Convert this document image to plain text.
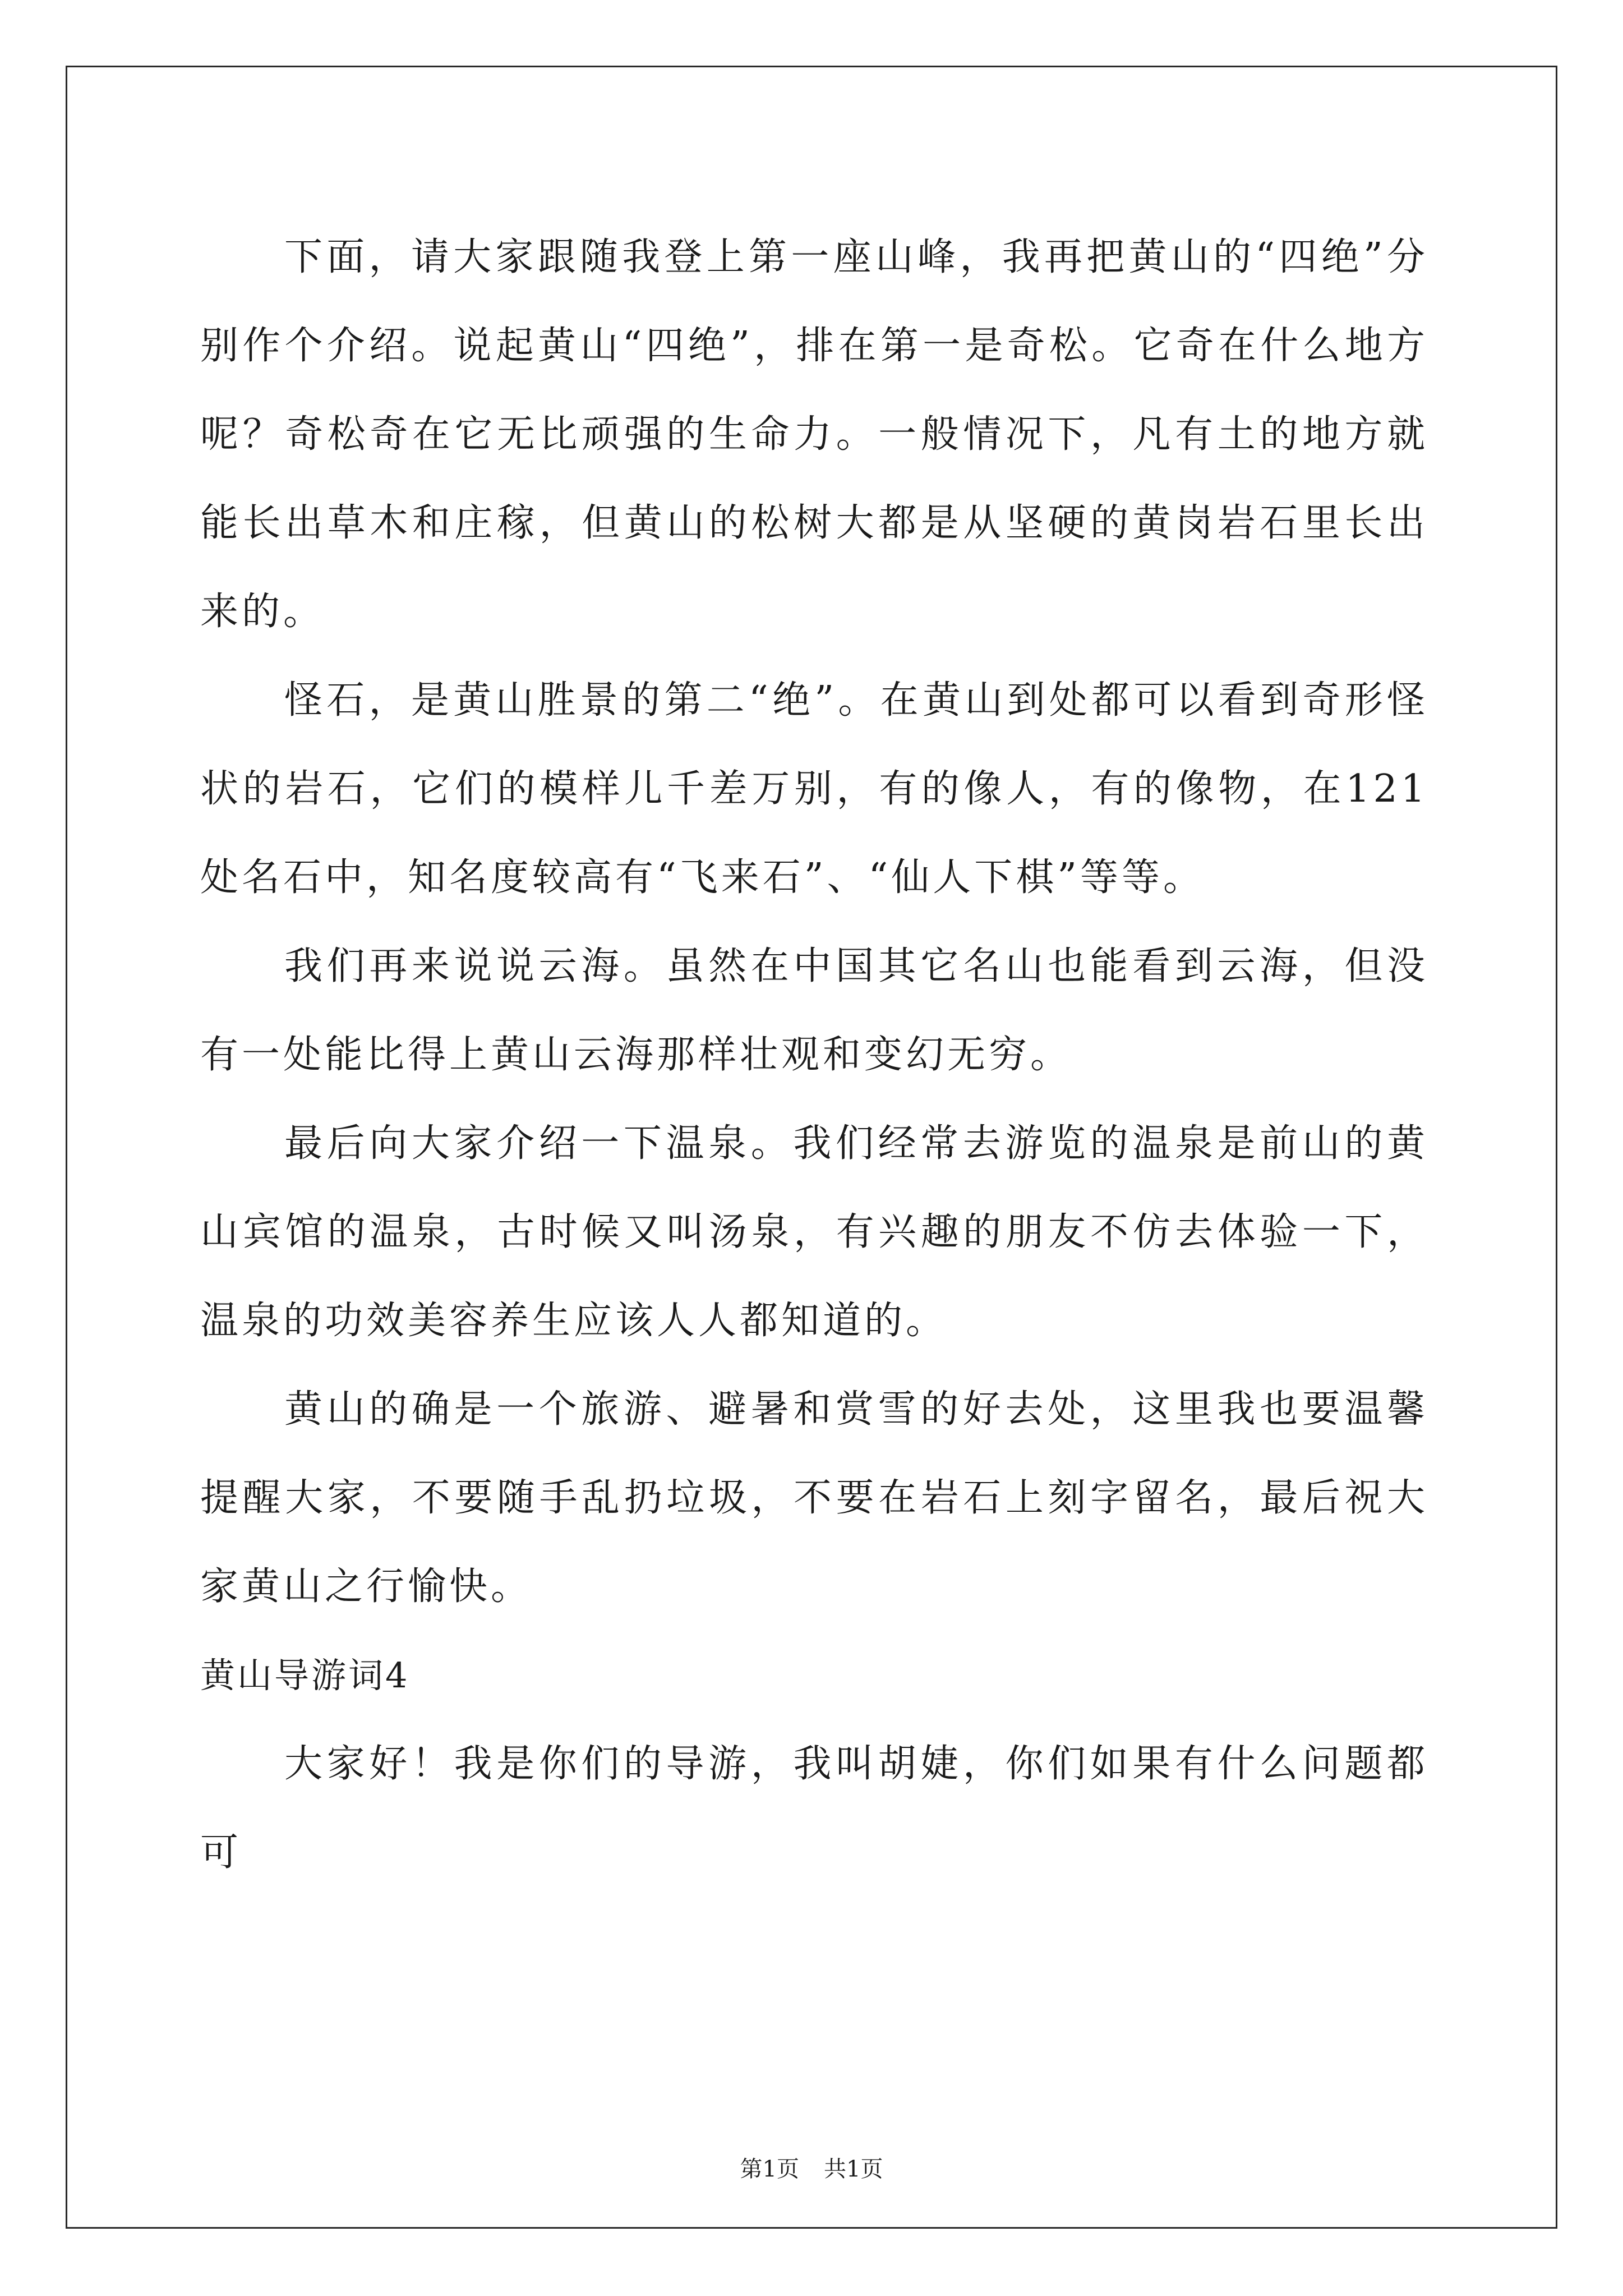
下面，请大家跟随我登上第一座山峰，我再把黄山的“四绝”分别作个介绍。说起黄山“四绝”，排在第一是奇松。它奇在什么地方呢？奇松奇在它无比顽强的生命力。一般情况下，凡有土的地方就能长出草木和庄稼，但黄山的松树大都是从坚硬的黄岗岩石里长出来的。

怪石，是黄山胜景的第二“绝”。在黄山到处都可以看到奇形怪状的岩石，它们的模样儿千差万别，有的像人，有的像物，在121处名石中，知名度较高有“飞来石”、“仙人下棋”等等。

我们再来说说云海。虽然在中国其它名山也能看到云海，但没有一处能比得上黄山云海那样壮观和变幻无穷。

最后向大家介绍一下温泉。我们经常去游览的温泉是前山的黄山宾馆的温泉，古时候又叫汤泉，有兴趣的朋友不仿去体验一下，温泉的功效美容养生应该人人都知道的。

黄山的确是一个旅游、避暑和赏雪的好去处，这里我也要温馨提醒大家，不要随手乱扔垃圾，不要在岩石上刻字留名，最后祝大家黄山之行愉快。

黄山导游词4

大家好！我是你们的导游，我叫胡婕，你们如果有什么问题都可

第1页 共1页
